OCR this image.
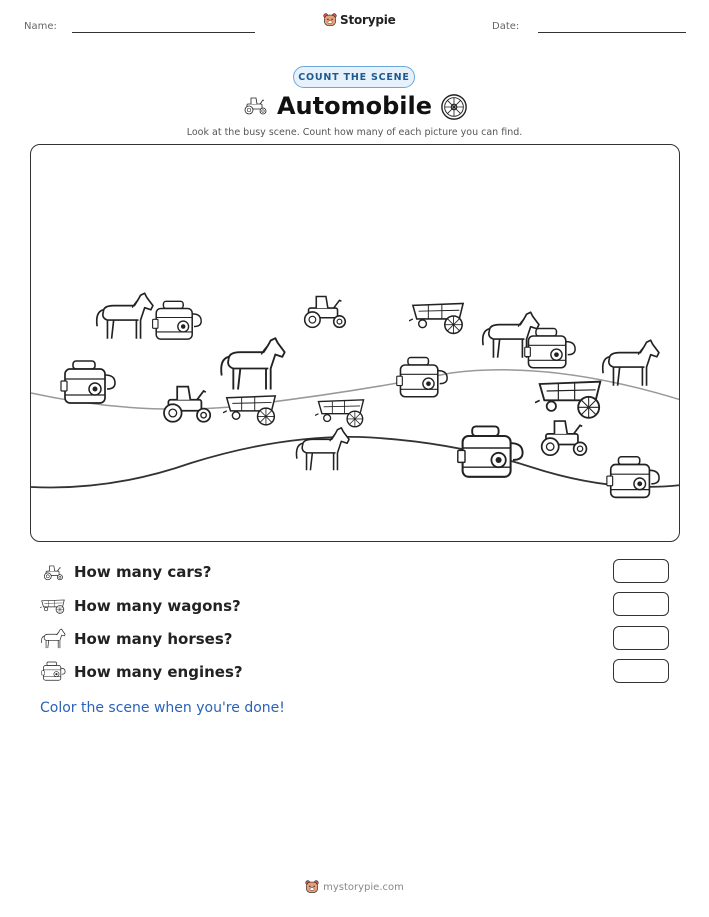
Name:	Storypie	Date:
COUNT THE SCENE
Automobile
Look at the busy scene. Count how many of each picture you can find.
How many cars?
How many wagons?
How many horses?
How many engines?
Color the scene when you're done!
mystorypie.com
